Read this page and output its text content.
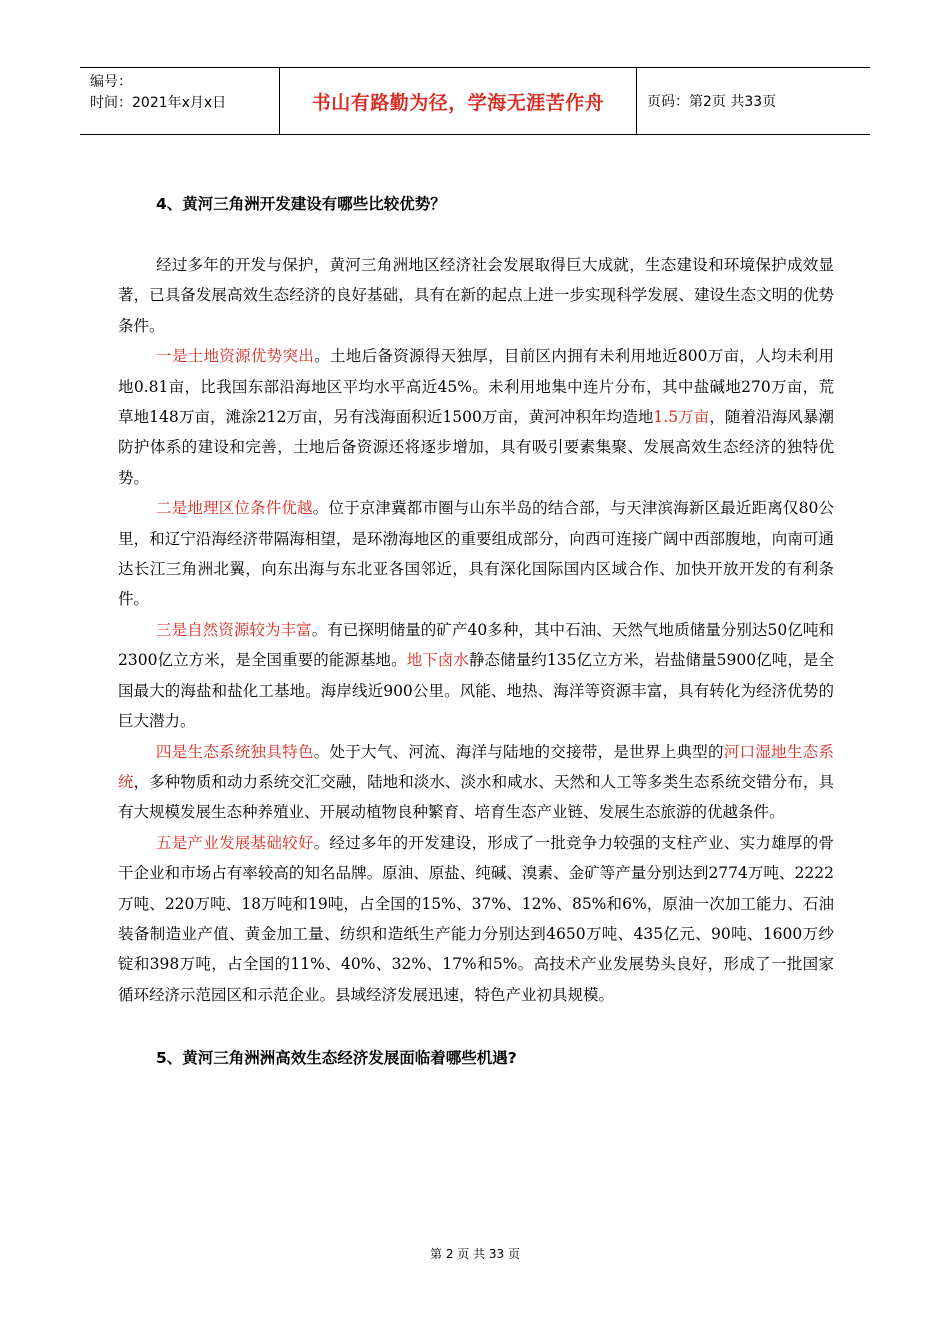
编号：
时间：2021年x月x日	书山有路勤为径，学海无涯苦作舟	页码：第2页 共33页

4、黄河三角洲开发建设有哪些比较优势？

经过多年的开发与保护，黄河三角洲地区经济社会发展取得巨大成就，生态建设和环境保护成效显著，已具备发展高效生态经济的良好基础，具有在新的起点上进一步实现科学发展、建设生态文明的优势条件。

一是土地资源优势突出。土地后备资源得天独厚，目前区内拥有未利用地近800万亩，人均未利用地0.81亩，比我国东部沿海地区平均水平高近45%。未利用地集中连片分布，其中盐碱地270万亩，荒草地148万亩，滩涂212万亩，另有浅海面积近1500万亩，黄河冲积年均造地1.5万亩，随着沿海风暴潮防护体系的建设和完善，土地后备资源还将逐步增加，具有吸引要素集聚、发展高效生态经济的独特优势。

二是地理区位条件优越。位于京津冀都市圈与山东半岛的结合部，与天津滨海新区最近距离仅80公里，和辽宁沿海经济带隔海相望，是环渤海地区的重要组成部分，向西可连接广阔中西部腹地，向南可通达长江三角洲北翼，向东出海与东北亚各国邻近，具有深化国际国内区域合作、加快开放开发的有利条件。

三是自然资源较为丰富。有已探明储量的矿产40多种，其中石油、天然气地质储量分别达50亿吨和2300亿立方米，是全国重要的能源基地。地下卤水静态储量约135亿立方米，岩盐储量5900亿吨，是全国最大的海盐和盐化工基地。海岸线近900公里。风能、地热、海洋等资源丰富，具有转化为经济优势的巨大潜力。

四是生态系统独具特色。处于大气、河流、海洋与陆地的交接带，是世界上典型的河口湿地生态系统，多种物质和动力系统交汇交融，陆地和淡水、淡水和咸水、天然和人工等多类生态系统交错分布，具有大规模发展生态种养殖业、开展动植物良种繁育、培育生态产业链、发展生态旅游的优越条件。

五是产业发展基础较好。经过多年的开发建设，形成了一批竞争力较强的支柱产业、实力雄厚的骨干企业和市场占有率较高的知名品牌。原油、原盐、纯碱、溴素、金矿等产量分别达到2774万吨、2222万吨、220万吨、18万吨和19吨，占全国的15%、37%、12%、85%和6%，原油一次加工能力、石油装备制造业产值、黄金加工量、纺织和造纸生产能力分别达到4650万吨、435亿元、90吨、1600万纱锭和398万吨，占全国的11%、40%、32%、17%和5%。高技术产业发展势头良好，形成了一批国家循环经济示范园区和示范企业。县域经济发展迅速，特色产业初具规模。

5、黄河三角洲洲高效生态经济发展面临着哪些机遇?

第 2 页 共 33 页
